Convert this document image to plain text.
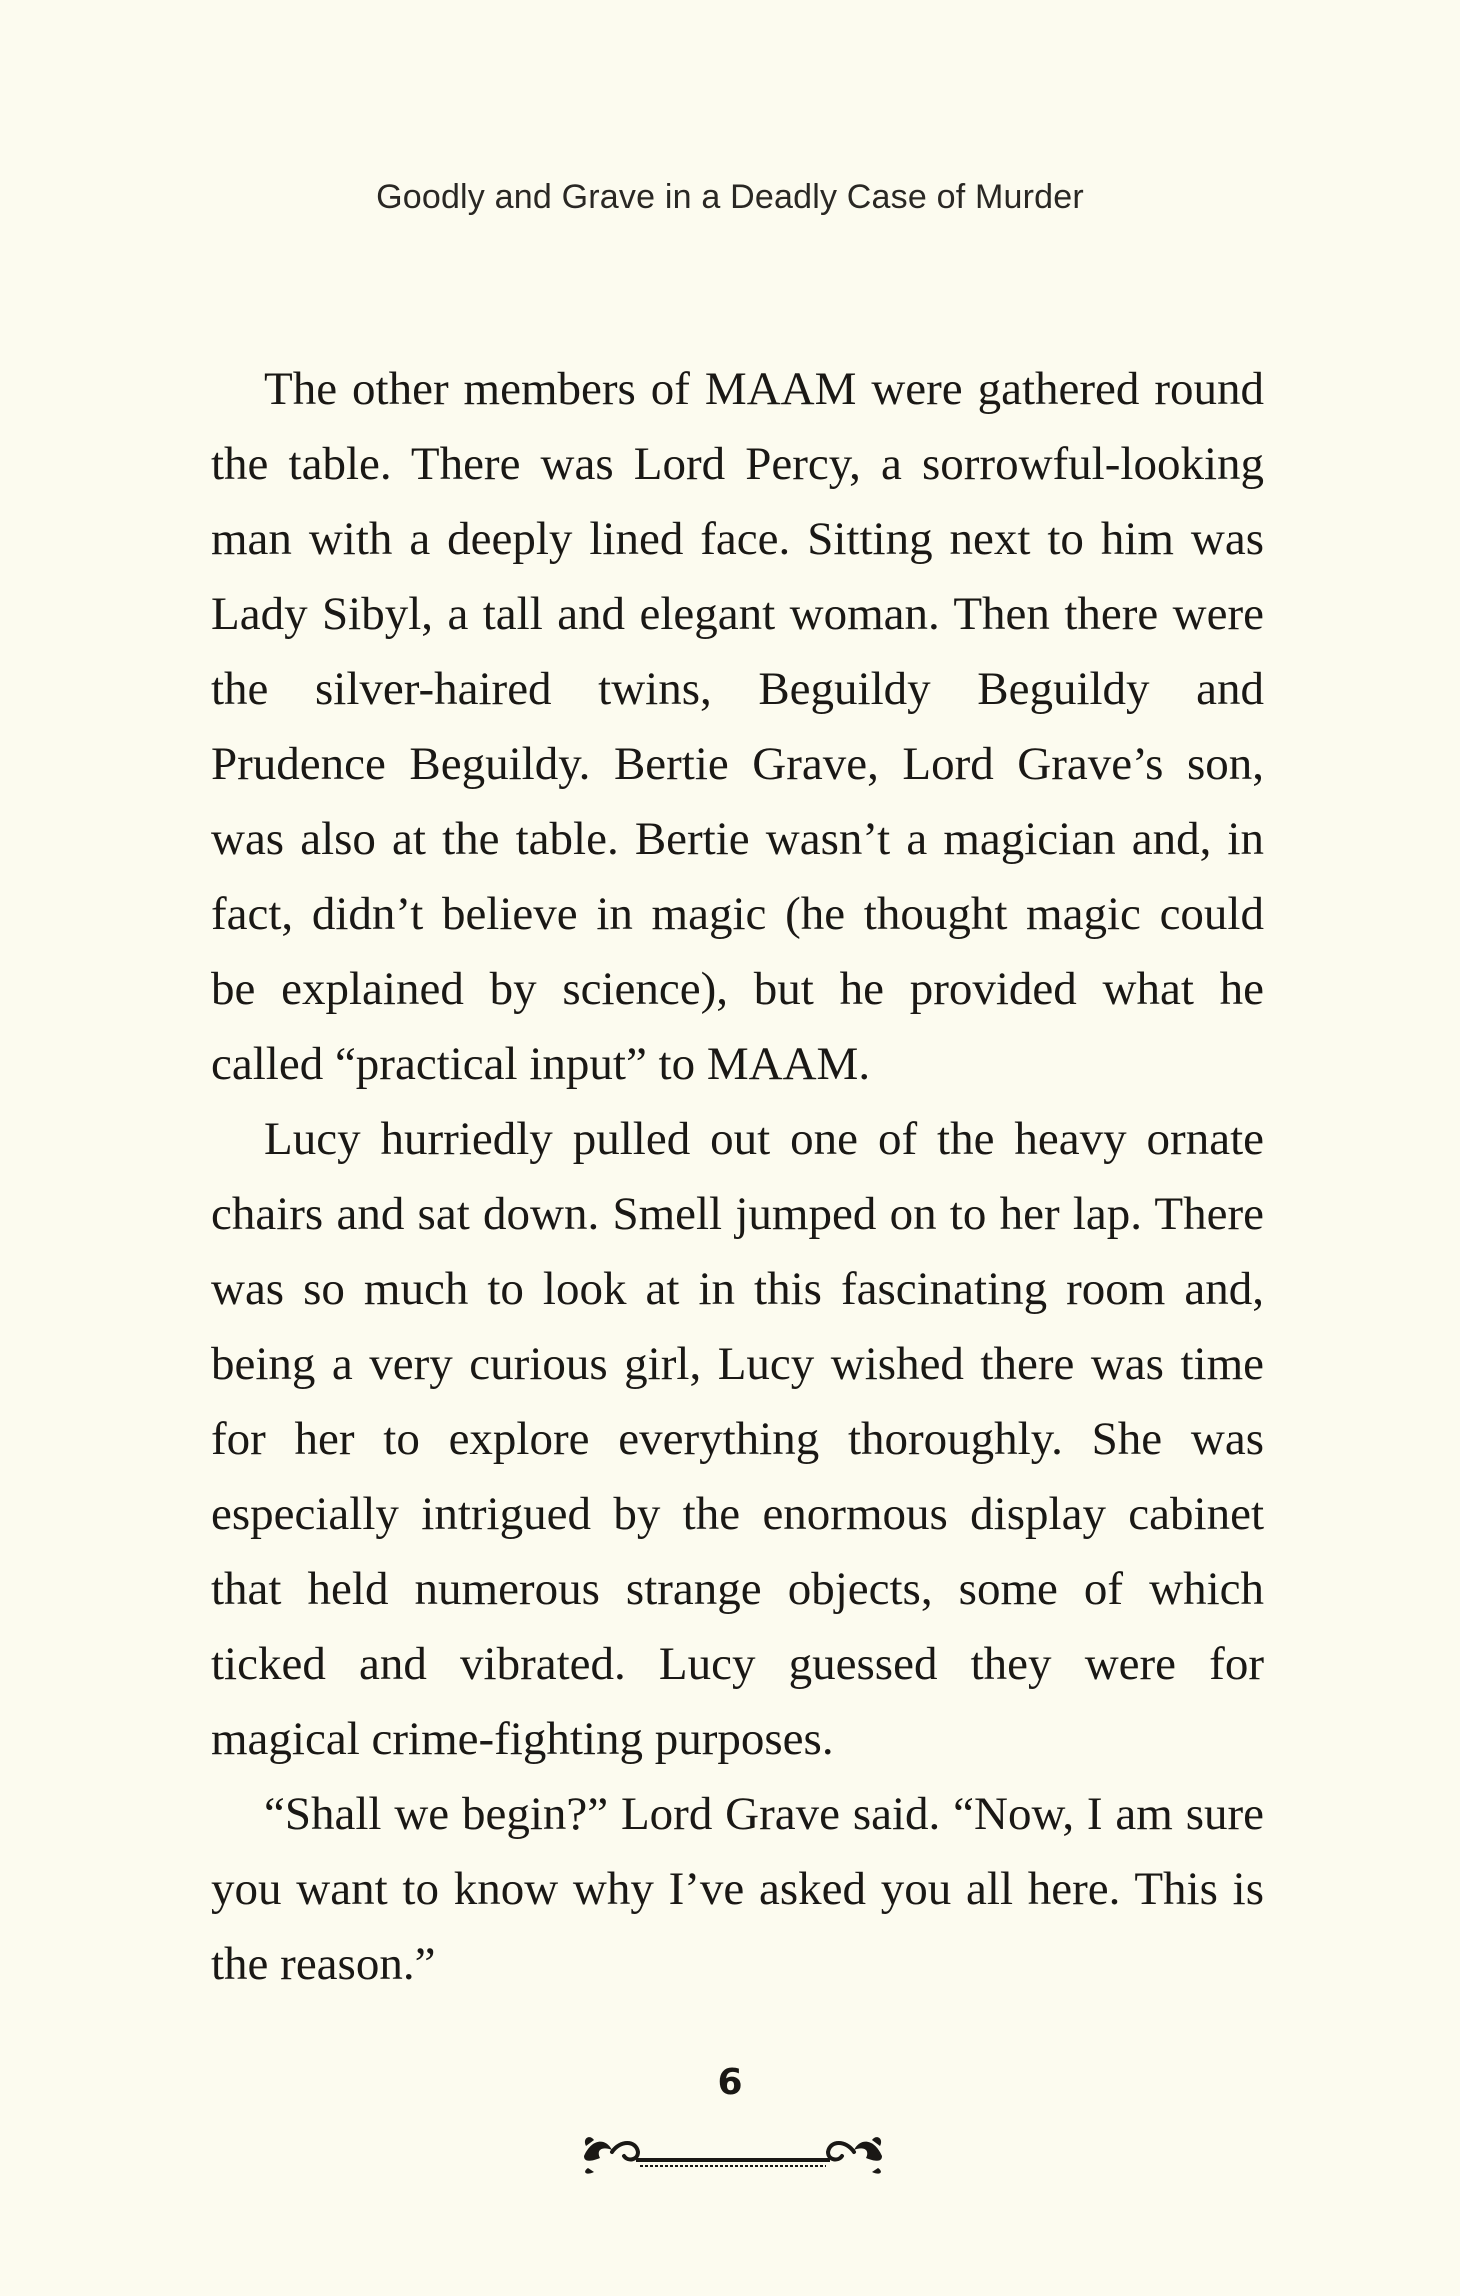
Goodly and Grave in a Deadly Case of Murder

The other members of MAAM were gathered round the table. There was Lord Percy, a sorrowful-looking man with a deeply lined face. Sitting next to him was Lady Sibyl, a tall and elegant woman. Then there were the silver-haired twins, Beguildy Beguildy and Prudence Beguildy. Bertie Grave, Lord Grave’s son, was also at the table. Bertie wasn’t a magician and, in fact, didn’t believe in magic (he thought magic could be explained by science), but he provided what he called “practical input” to MAAM.

Lucy hurriedly pulled out one of the heavy ornate chairs and sat down. Smell jumped on to her lap. There was so much to look at in this fascinating room and, being a very curious girl, Lucy wished there was time for her to explore everything thoroughly. She was especially intrigued by the enormous display cabinet that held numerous strange objects, some of which ticked and vibrated. Lucy guessed they were for magical crime-fighting purposes.

“Shall we begin?” Lord Grave said. “Now, I am sure you want to know why I’ve asked you all here. This is the reason.”

6
